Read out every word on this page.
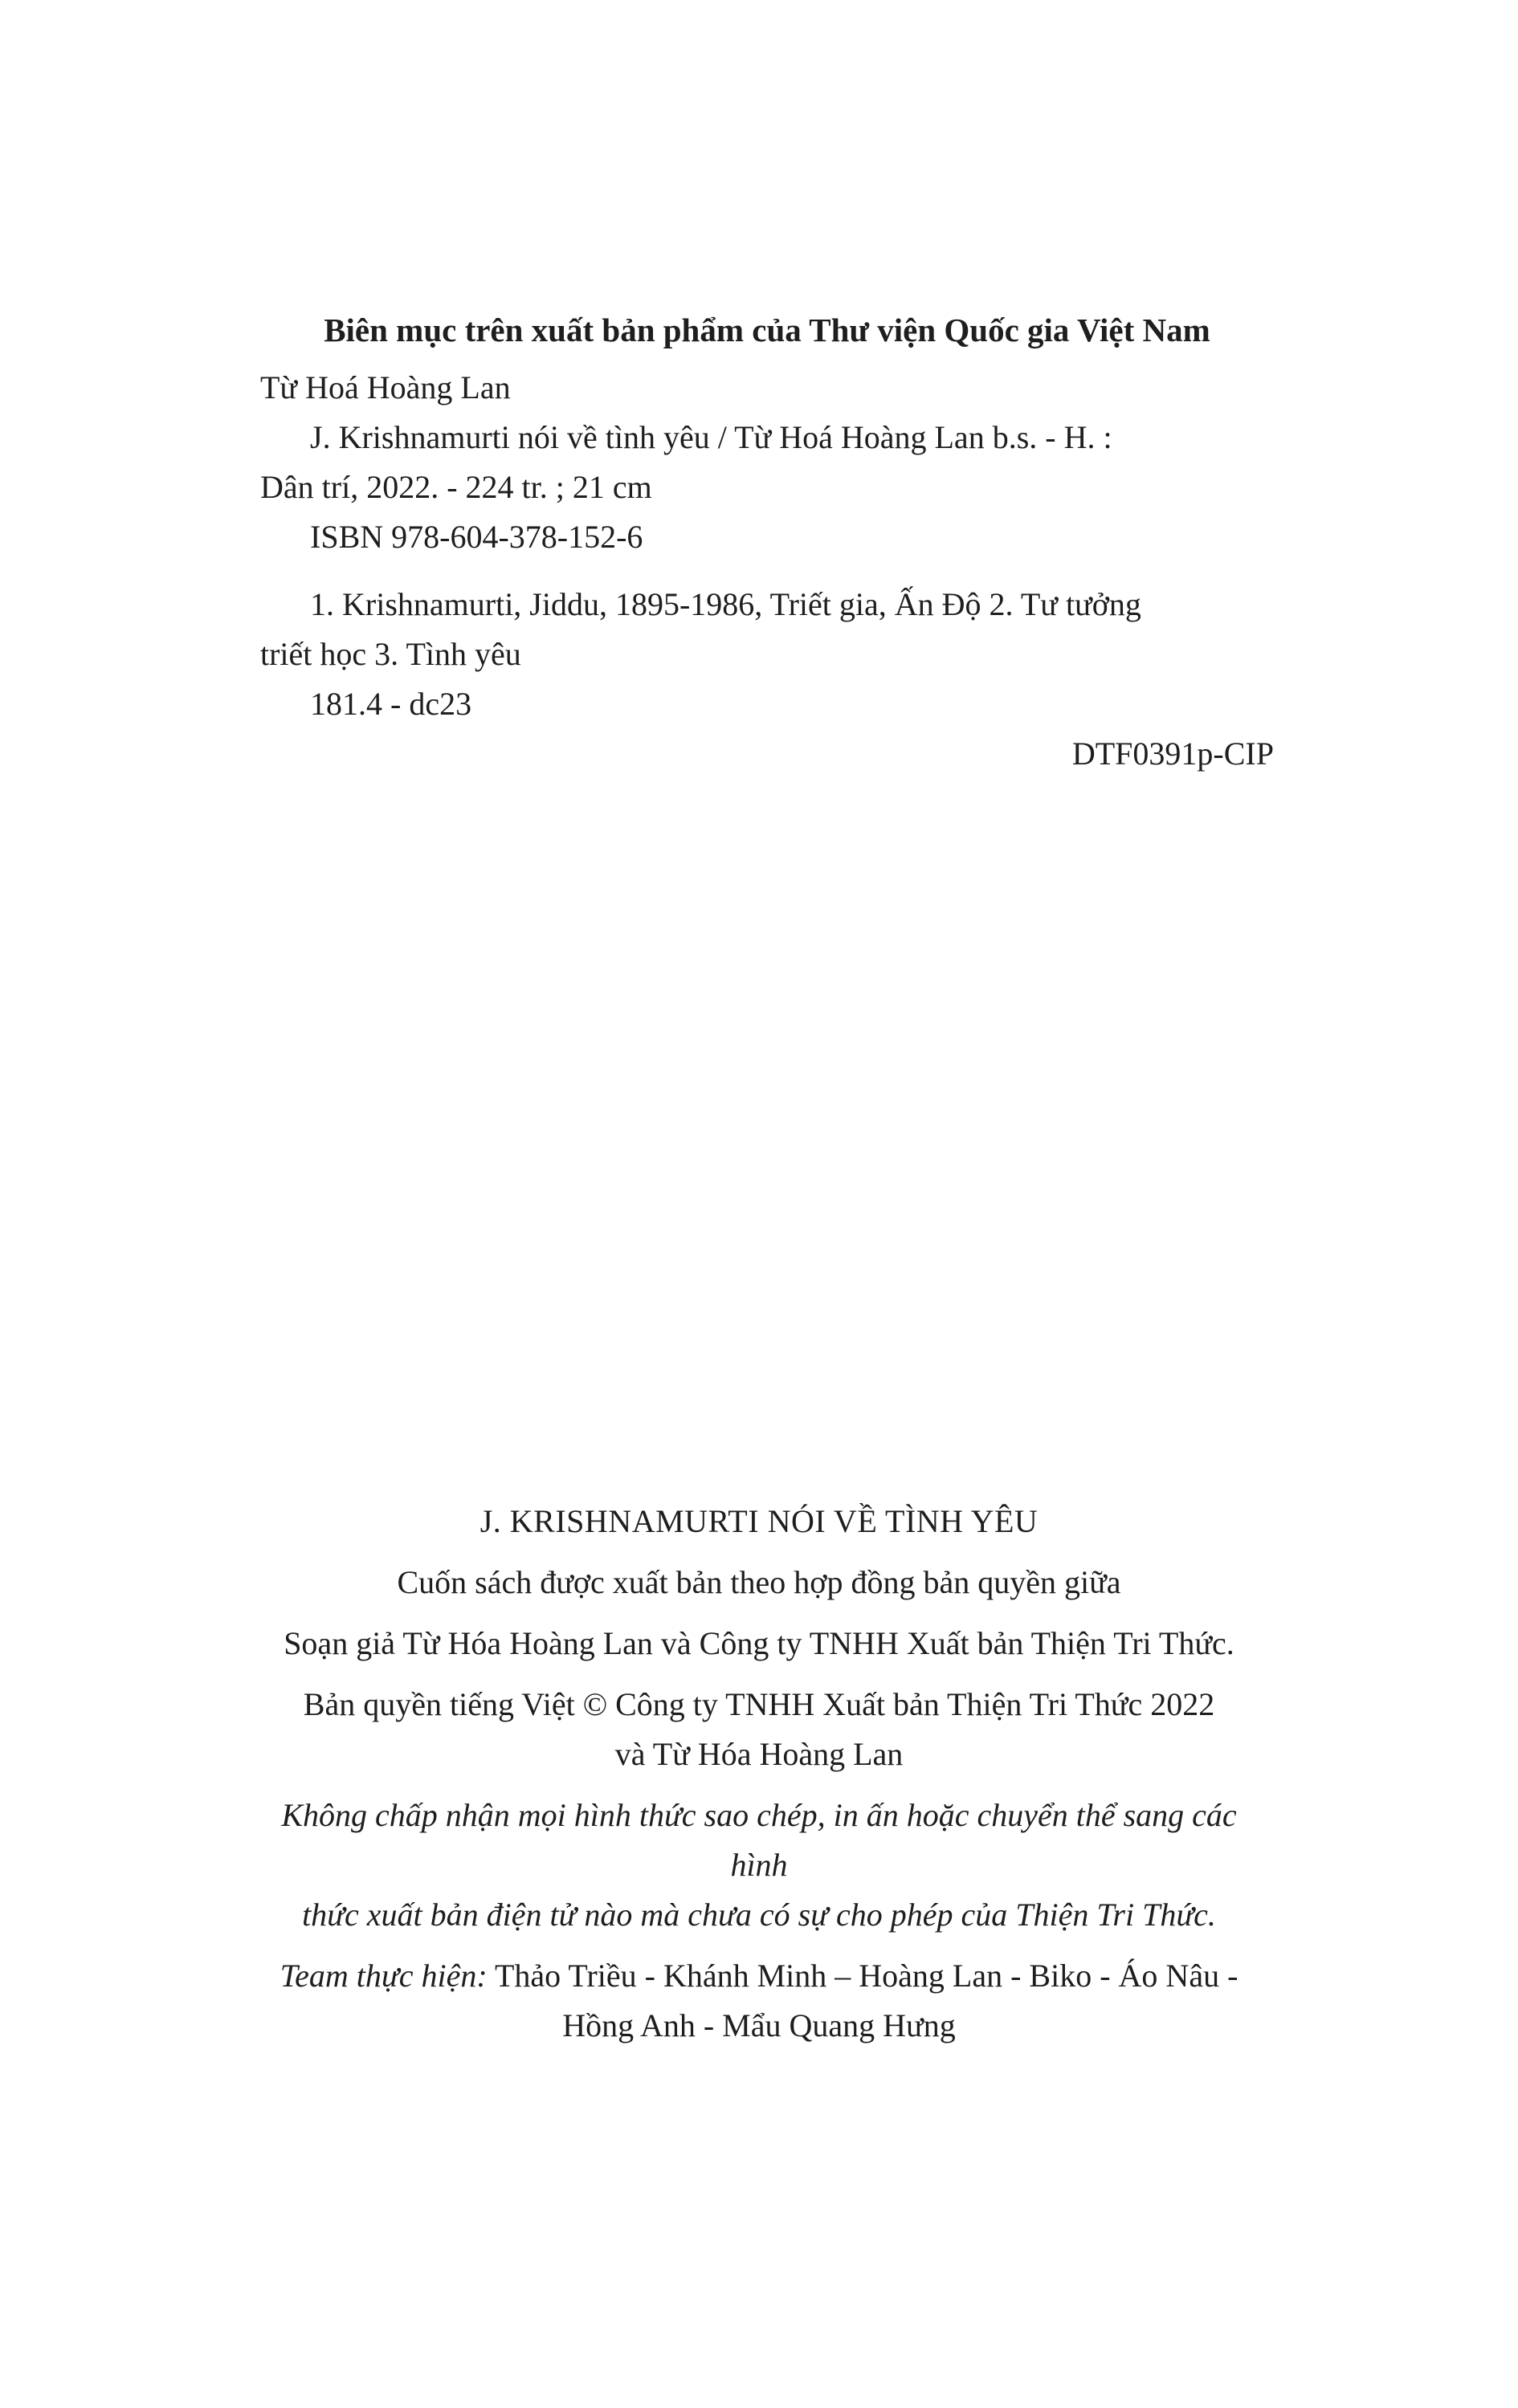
Biên mục trên xuất bản phẩm của Thư viện Quốc gia Việt Nam

Từ Hoá Hoàng Lan

J. Krishnamurti nói về tình yêu / Từ Hoá Hoàng Lan b.s. - H. :

Dân trí, 2022. - 224 tr. ; 21 cm

ISBN 978-604-378-152-6

1. Krishnamurti, Jiddu, 1895-1986, Triết gia, Ấn Độ 2. Tư tưởng

triết học 3. Tình yêu

181.4 - dc23

DTF0391p-CIP

J. KRISHNAMURTI NÓI VỀ TÌNH YÊU

Cuốn sách được xuất bản theo hợp đồng bản quyền giữa

Soạn giả Từ Hóa Hoàng Lan và Công ty TNHH Xuất bản Thiện Tri Thức.

Bản quyền tiếng Việt © Công ty TNHH Xuất bản Thiện Tri Thức 2022

và Từ Hóa Hoàng Lan

Không chấp nhận mọi hình thức sao chép, in ấn hoặc chuyển thể sang các hình

thức xuất bản điện tử nào mà chưa có sự cho phép của Thiện Tri Thức.

Team thực hiện: Thảo Triều - Khánh Minh – Hoàng Lan - Biko - Áo Nâu -

Hồng Anh - Mẩu Quang Hưng
